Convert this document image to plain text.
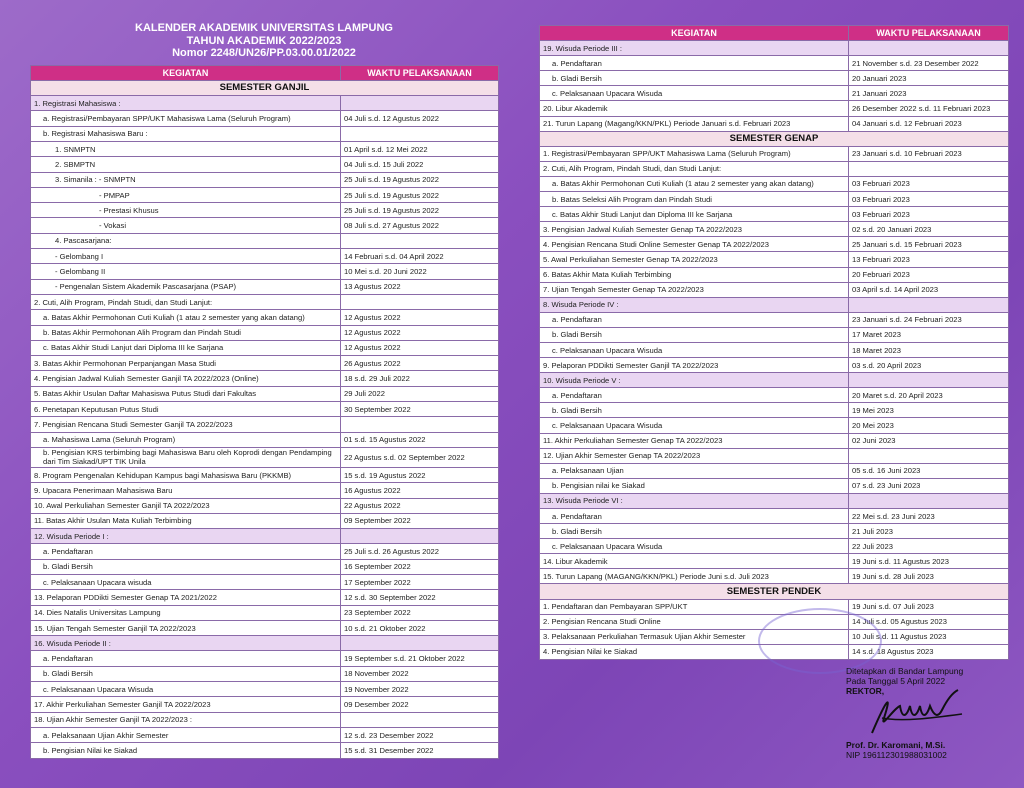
KALENDER AKADEMIK UNIVERSITAS LAMPUNG
TAHUN AKADEMIK 2022/2023
Nomor 2248/UN26/PP.03.00.01/2022
KEGIATAN	WAKTU PELAKSANAAN
SEMESTER GANJIL	
1. Registrasi Mahasiswa :	
a. Registrasi/Pembayaran SPP/UKT Mahasiswa Lama (Seluruh Program)	04 Juli s.d. 12 Agustus 2022
b. Registrasi Mahasiswa Baru :	
1. SNMPTN	01 April s.d. 12 Mei 2022
2. SBMPTN	04 Juli s.d. 15 Juli 2022
3. Simanila : - SNMPTN	25 Juli s.d. 19 Agustus 2022
- PMPAP	25 Juli s.d. 19 Agustus 2022
- Prestasi Khusus	25 Juli s.d. 19 Agustus 2022
- Vokasi	08 Juli s.d. 27 Agustus 2022
4. Pascasarjana:	
- Gelombang I	14 Februari s.d. 04 April 2022
- Gelombang II	10 Mei s.d. 20 Juni 2022
- Pengenalan Sistem Akademik Pascasarjana (PSAP)	13 Agustus 2022
2. Cuti, Alih Program, Pindah Studi, dan Studi Lanjut:	
a. Batas Akhir Permohonan Cuti Kuliah (1 atau 2 semester yang akan datang)	12 Agustus 2022
b. Batas Akhir Permohonan Alih Program dan Pindah Studi	12 Agustus 2022
c. Batas Akhir Studi Lanjut dari Diploma III ke Sarjana	12 Agustus 2022
3. Batas Akhir Permohonan Perpanjangan Masa Studi	26 Agustus 2022
4. Pengisian Jadwal Kuliah Semester Ganjil TA 2022/2023 (Online)	18 s.d. 29 Juli 2022
5. Batas Akhir Usulan Daftar Mahasiswa Putus Studi dari Fakultas	29 Juli 2022
6. Penetapan Keputusan Putus Studi	30 September 2022
7. Pengisian Rencana Studi Semester Ganjil TA 2022/2023	
a. Mahasiswa Lama (Seluruh Program)	01 s.d. 15 Agustus 2022
b. Pengisian KRS terbimbing bagi Mahasiswa Baru oleh Koprodi dengan Pendamping dari Tim Siakad/UPT TIK Unila	22 Agustus s.d. 02 September 2022
8. Program Pengenalan Kehidupan Kampus bagi Mahasiswa Baru (PKKMB)	15 s.d. 19 Agustus 2022
9. Upacara Penerimaan Mahasiswa Baru	16 Agustus 2022
10. Awal Perkuliahan Semester Ganjil TA 2022/2023	22 Agustus 2022
11. Batas Akhir Usulan Mata Kuliah Terbimbing	09 September 2022
12. Wisuda Periode I :	
a. Pendaftaran	25 Juli s.d. 26 Agustus 2022
b. Gladi Bersih	16 September 2022
c. Pelaksanaan Upacara wisuda	17 September 2022
13. Pelaporan PDDikti Semester Genap TA 2021/2022	12 s.d. 30 September 2022
14. Dies Natalis Universitas Lampung	23 September 2022
15. Ujian Tengah Semester Ganjil TA 2022/2023	10 s.d. 21 Oktober 2022
16. Wisuda Periode II :	
a. Pendaftaran	19 September s.d. 21 Oktober 2022
b. Gladi Bersih	18 November 2022
c. Pelaksanaan Upacara Wisuda	19 November 2022
17. Akhir Perkuliahan Semester Ganjil TA 2022/2023	09 Desember 2022
18. Ujian Akhir Semester Ganjil TA 2022/2023 :	
a. Pelaksanaan Ujian Akhir Semester	12 s.d. 23 Desember 2022
b. Pengisian Nilai ke Siakad	15 s.d. 31 Desember 2022
KEGIATAN	WAKTU PELAKSANAAN
19. Wisuda Periode III :	
a. Pendaftaran	21 November s.d. 23 Desember 2022
b. Gladi Bersih	20 Januari 2023
c. Pelaksanaan Upacara Wisuda	21 Januari 2023
20. Libur Akademik	26 Desember 2022 s.d. 11 Februari 2023
21. Turun Lapang (Magang/KKN/PKL) Periode Januari s.d. Februari 2023	04 Januari s.d. 12 Februari 2023
SEMESTER GENAP	
1. Registrasi/Pembayaran SPP/UKT Mahasiswa Lama (Seluruh Program)	23 Januari s.d. 10 Februari 2023
2. Cuti, Alih Program, Pindah Studi, dan Studi Lanjut:	
a. Batas Akhir Permohonan Cuti Kuliah (1 atau 2 semester yang akan datang)	03 Februari 2023
b. Batas Seleksi Alih Program dan Pindah Studi	03 Februari 2023
c. Batas Akhir Studi Lanjut dan Diploma III ke Sarjana	03 Februari 2023
3. Pengisian Jadwal Kuliah Semester Genap TA 2022/2023	02 s.d. 20 Januari 2023
4. Pengisian Rencana Studi Online Semester Genap TA 2022/2023	25 Januari s.d. 15 Februari 2023
5. Awal Perkuliahan Semester Genap TA 2022/2023	13 Februari 2023
6. Batas Akhir Mata Kuliah Terbimbing	20 Februari 2023
7. Ujian Tengah Semester Genap TA 2022/2023	03 April s.d. 14 April 2023
8. Wisuda Periode IV :	
a. Pendaftaran	23 Januari s.d. 24 Februari 2023
b. Gladi Bersih	17 Maret 2023
c. Pelaksanaan Upacara Wisuda	18 Maret 2023
9. Pelaporan PDDikti Semester Ganjil TA 2022/2023	03 s.d. 20 April 2023
10. Wisuda Periode V :	
a. Pendaftaran	20 Maret s.d. 20 April 2023
b. Gladi Bersih	19 Mei 2023
c. Pelaksanaan Upacara Wisuda	20 Mei 2023
11. Akhir Perkuliahan Semester Genap TA 2022/2023	02 Juni 2023
12. Ujian Akhir Semester Genap TA 2022/2023	
a. Pelaksanaan Ujian	05 s.d. 16 Juni 2023
b. Pengisian nilai ke Siakad	07 s.d. 23 Juni 2023
13. Wisuda Periode VI :	
a. Pendaftaran	22 Mei s.d. 23 Juni 2023
b. Gladi Bersih	21 Juli 2023
c. Pelaksanaan Upacara Wisuda	22 Juli 2023
14. Libur Akademik	19 Juni s.d. 11 Agustus 2023
15. Turun Lapang (MAGANG/KKN/PKL) Periode Juni s.d. Juli 2023	19 Juni s.d. 28 Juli 2023
SEMESTER PENDEK	
1. Pendaftaran dan Pembayaran SPP/UKT	19 Juni s.d. 07 Juli 2023
2. Pengisian Rencana Studi Online	14 Juli s.d. 05 Agustus 2023
3. Pelaksanaan Perkuliahan Termasuk Ujian Akhir Semester	10 Juli s.d. 11 Agustus 2023
4. Pengisian Nilai ke Siakad	14 s.d. 18 Agustus 2023
Ditetapkan di Bandar Lampung
Pada Tanggal 5 April 2022
REKTOR,
Prof. Dr. Karomani, M.Si.
NIP 196112301988031002
